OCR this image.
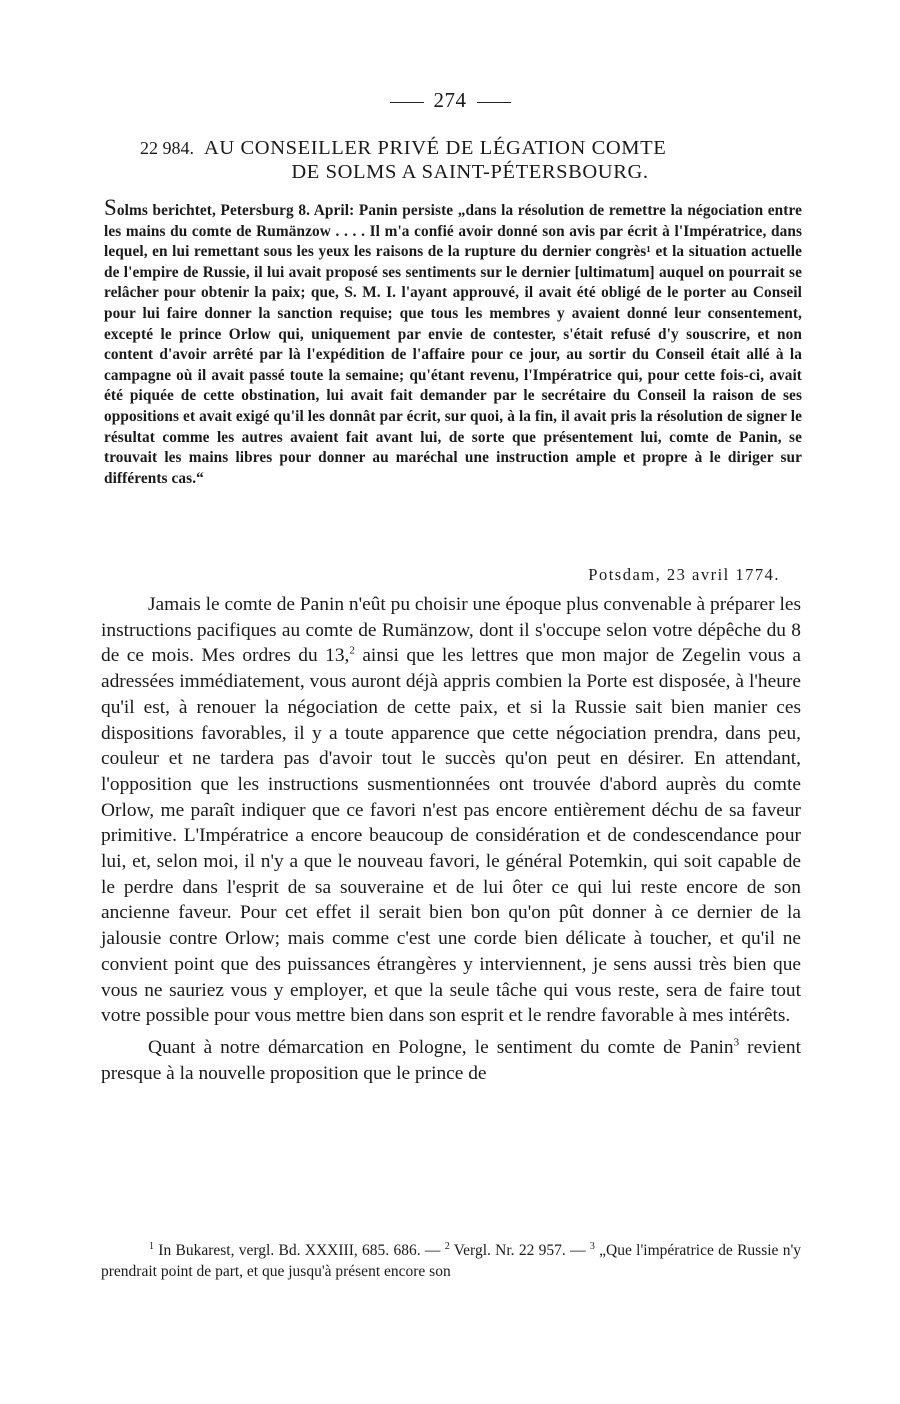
274
22 984. AU CONSEILLER PRIVÉ DE LÉGATION COMTE
DE SOLMS A SAINT-PÉTERSBOURG.

Solms berichtet, Petersburg 8. April: Panin persiste „dans la résolution de remettre la négociation entre les mains du comte de Rumänzow . . . . Il m'a confié avoir donné son avis par écrit à l'Impératrice, dans lequel, en lui remettant sous les yeux les raisons de la rupture du dernier congrès¹ et la situation actuelle de l'empire de Russie, il lui avait proposé ses sentiments sur le dernier [ultimatum] auquel on pourrait se relâcher pour obtenir la paix; que, S. M. I. l'ayant approuvé, il avait été obligé de le porter au Conseil pour lui faire donner la sanction requise; que tous les membres y avaient donné leur consentement, excepté le prince Orlow qui, uniquement par envie de contester, s'était refusé d'y souscrire, et non content d'avoir arrêté par là l'expédition de l'affaire pour ce jour, au sortir du Conseil était allé à la campagne où il avait passé toute la semaine; qu'étant revenu, l'Impératrice qui, pour cette fois-ci, avait été piquée de cette obstination, lui avait fait demander par le secrétaire du Conseil la raison de ses oppositions et avait exigé qu'il les donnât par écrit, sur quoi, à la fin, il avait pris la résolution de signer le résultat comme les autres avaient fait avant lui, de sorte que présentement lui, comte de Panin, se trouvait les mains libres pour donner au maréchal une instruction ample et propre à le diriger sur différents cas.“

Potsdam, 23 avril 1774.

Jamais le comte de Panin n'eût pu choisir une époque plus convenable à préparer les instructions pacifiques au comte de Rumänzow, dont il s'occupe selon votre dépêche du 8 de ce mois. Mes ordres du 13,$^2$ ainsi que les lettres que mon major de Zegelin vous a adressées immédiatement, vous auront déjà appris combien la Porte est disposée, à l'heure qu'il est, à renouer la négociation de cette paix, et si la Russie sait bien manier ces dispositions favorables, il y a toute apparence que cette négociation prendra, dans peu, couleur et ne tardera pas d'avoir tout le succès qu'on peut en désirer. En attendant, l'opposition que les instructions susmentionnées ont trouvée d'abord auprès du comte Orlow, me paraît indiquer que ce favori n'est pas encore entièrement déchu de sa faveur primitive. L'Impératrice a encore beaucoup de considération et de condescendance pour lui, et, selon moi, il n'y a que le nouveau favori, le général Potemkin, qui soit capable de le perdre dans l'esprit de sa souveraine et de lui ôter ce qui lui reste encore de son ancienne faveur. Pour cet effet il serait bien bon qu'on pût donner à ce dernier de la jalousie contre Orlow; mais comme c'est une corde bien délicate à toucher, et qu'il ne convient point que des puissances étrangères y interviennent, je sens aussi très bien que vous ne sauriez vous y employer, et que la seule tâche qui vous reste, sera de faire tout votre possible pour vous mettre bien dans son esprit et le rendre favorable à mes intérêts.

Quant à notre démarcation en Pologne, le sentiment du comte de Panin$^3$ revient presque à la nouvelle proposition que le prince de

$^1$ In Bukarest, vergl. Bd. XXXIII, 685. 686. — $^2$ Vergl. Nr. 22 957. — $^3$ „Que l'impératrice de Russie n'y prendrait point de part, et que jusqu'à présent encore son
